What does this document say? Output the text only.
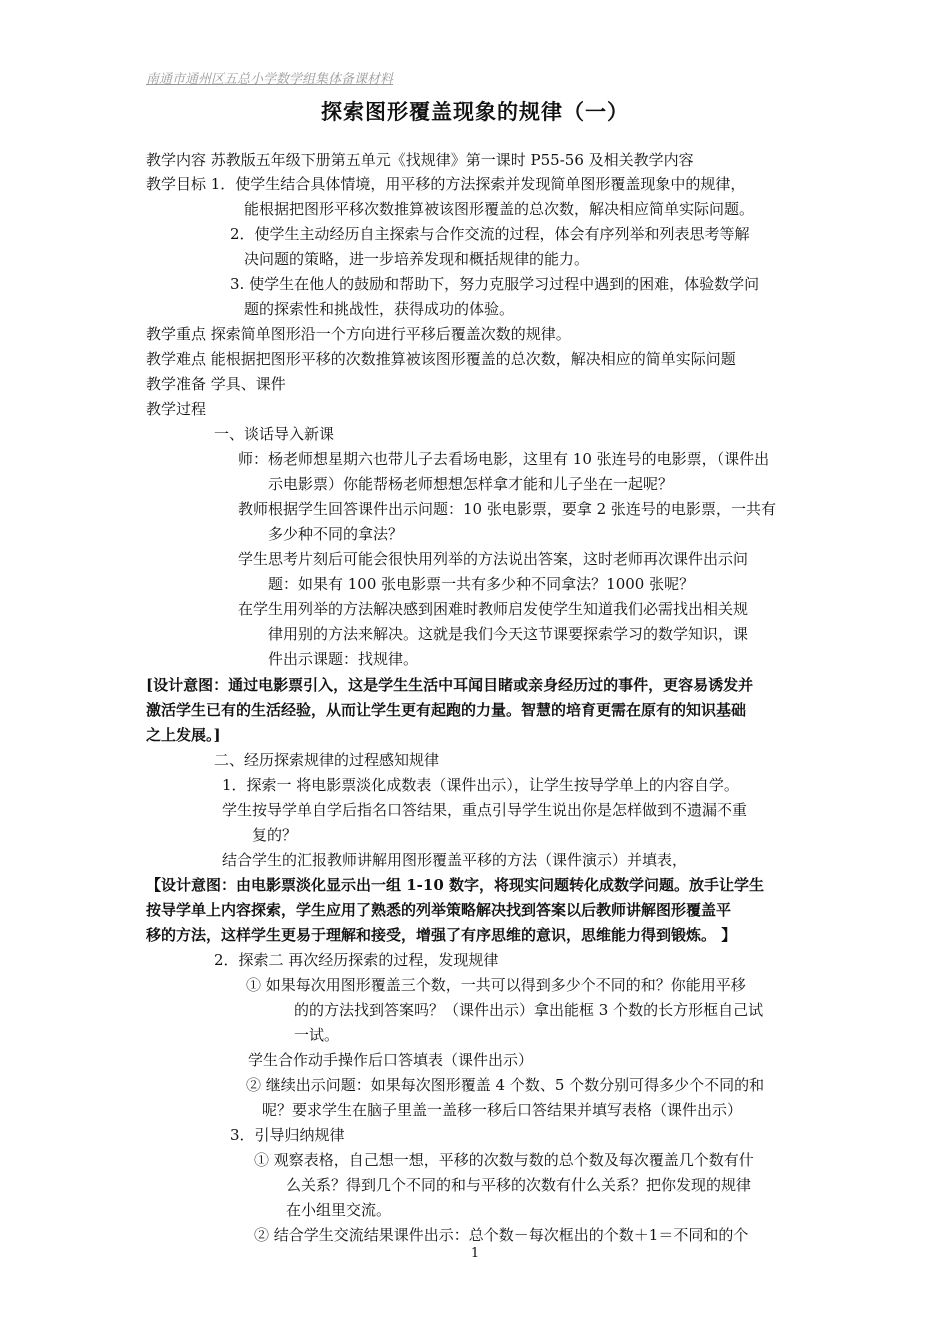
南通市通州区五总小学数学组集体备课材料
探索图形覆盖现象的规律（一）
教学内容 苏教版五年级下册第五单元《找规律》第一课时 P55-56 及相关教学内容
教学目标 1．使学生结合具体情境，用平移的方法探索并发现简单图形覆盖现象中的规律，
能根据把图形平移次数推算被该图形覆盖的总次数，解决相应简单实际问题。
2．使学生主动经历自主探索与合作交流的过程，体会有序列举和列表思考等解
决问题的策略，进一步培养发现和概括规律的能力。
3. 使学生在他人的鼓励和帮助下，努力克服学习过程中遇到的困难，体验数学问
题的探索性和挑战性，获得成功的体验。
教学重点 探索简单图形沿一个方向进行平移后覆盖次数的规律。
教学难点 能根据把图形平移的次数推算被该图形覆盖的总次数，解决相应的简单实际问题
教学准备 学具、课件
教学过程
一、谈话导入新课
师：杨老师想星期六也带儿子去看场电影，这里有 10 张连号的电影票，（课件出
示电影票）你能帮杨老师想想怎样拿才能和儿子坐在一起呢？
教师根据学生回答课件出示问题：10 张电影票，要拿 2 张连号的电影票，一共有
多少种不同的拿法？
学生思考片刻后可能会很快用列举的方法说出答案，这时老师再次课件出示问
题：如果有 100 张电影票一共有多少种不同拿法？1000 张呢？
在学生用列举的方法解决感到困难时教师启发使学生知道我们必需找出相关规
律用别的方法来解决。这就是我们今天这节课要探索学习的数学知识，课
件出示课题：找规律。
[设计意图：通过电影票引入，这是学生生活中耳闻目睹或亲身经历过的事件，更容易诱发并
激活学生已有的生活经验，从而让学生更有起跑的力量。智慧的培育更需在原有的知识基础
之上发展。]
二、经历探索规律的过程感知规律
1．探索一 将电影票淡化成数表（课件出示），让学生按导学单上的内容自学。
学生按导学单自学后指名口答结果，重点引导学生说出你是怎样做到不遗漏不重
复的？
结合学生的汇报教师讲解用图形覆盖平移的方法（课件演示）并填表，
【设计意图：由电影票淡化显示出一组 1-10 数字，将现实问题转化成数学问题。放手让学生
按导学单上内容探索，学生应用了熟悉的列举策略解决找到答案以后教师讲解图形覆盖平
移的方法，这样学生更易于理解和接受，增强了有序思维的意识，思维能力得到锻炼。 】
2．探索二 再次经历探索的过程，发现规律
① 如果每次用图形覆盖三个数，一共可以得到多少个不同的和？你能用平移
的的方法找到答案吗？（课件出示）拿出能框 3 个数的长方形框自己试
一试。
学生合作动手操作后口答填表（课件出示）
② 继续出示问题：如果每次图形覆盖 4 个数、5 个数分别可得多少个不同的和
呢？要求学生在脑子里盖一盖移一移后口答结果并填写表格（课件出示）
3．引导归纳规律
① 观察表格，自己想一想，平移的次数与数的总个数及每次覆盖几个数有什
么关系？得到几个不同的和与平移的次数有什么关系？把你发现的规律
在小组里交流。
② 结合学生交流结果课件出示：总个数－每次框出的个数＋1＝不同和的个
1
